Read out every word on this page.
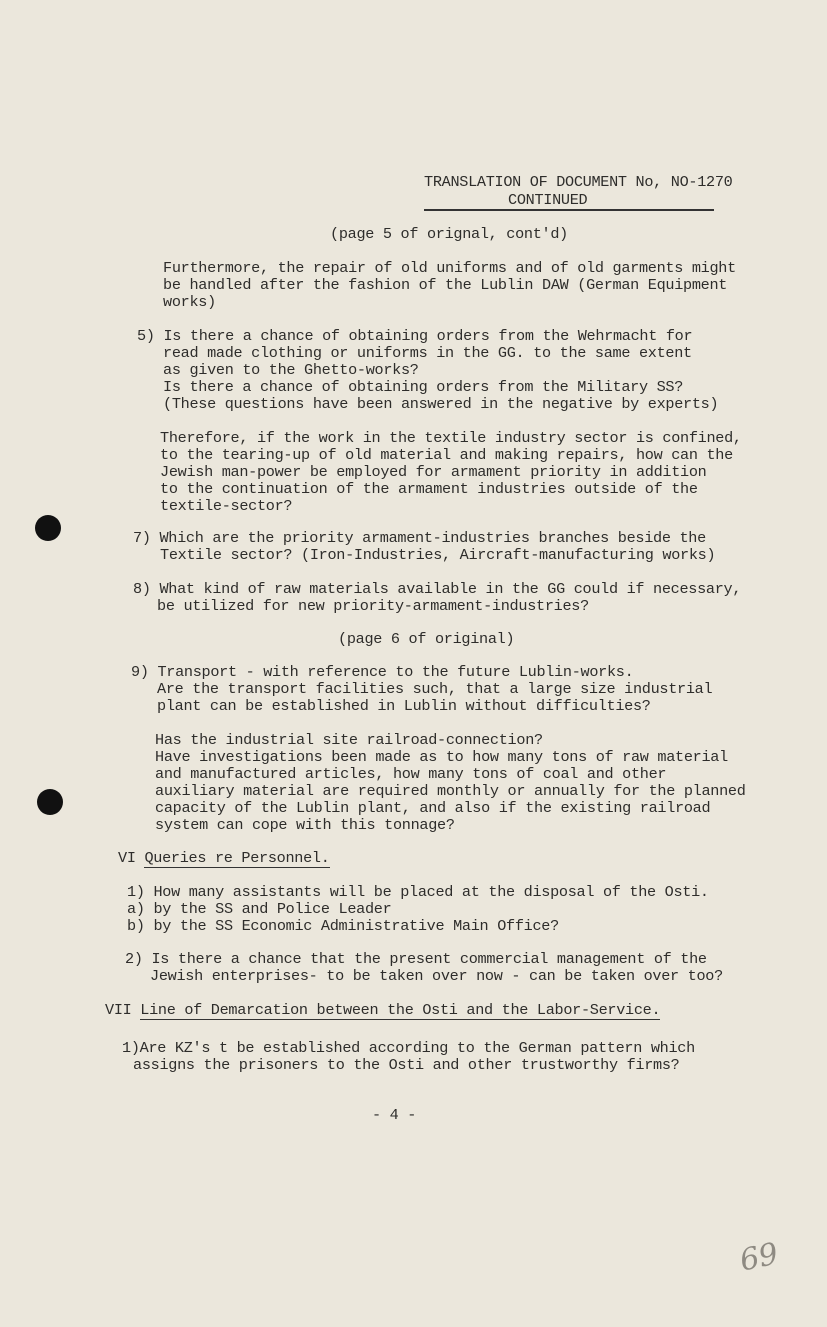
TRANSLATION OF DOCUMENT No, NO-1270
CONTINUED
(page 5 of orignal, cont'd)
Furthermore, the repair of old uniforms and of old garments might
be handled after the fashion of the Lublin DAW (German Equipment
works)
5) Is there a chance of obtaining orders from the Wehrmacht for
read made clothing or uniforms in the GG. to the same extent
as given to the Ghetto-works?
Is there a chance of obtaining orders from the Military SS?
(These questions have been answered in the negative by experts)
Therefore, if the work in the textile industry sector is confined,
to the tearing-up of old material and making repairs, how can the
Jewish man-power be employed for armament priority in addition
to the continuation of the armament industries outside of the
textile-sector?
7) Which are the priority armament-industries branches beside the
Textile sector? (Iron-Industries, Aircraft-manufacturing works)
8) What kind of raw materials available in the GG could if necessary,
be utilized for new priority-armament-industries?
(page 6 of original)
9) Transport - with reference to the future Lublin-works.
Are the transport facilities such, that a large size industrial
plant can be established in Lublin without difficulties?
Has the industrial site railroad-connection?
Have investigations been made as to how many tons of raw material
and manufactured articles, how many tons of coal and other
auxiliary material are required monthly or annually for the planned
capacity of the Lublin plant, and also if the existing railroad
system can cope with this tonnage?
VI Queries re Personnel.
1) How many assistants will be placed at the disposal of the Osti.
a) by the SS and Police Leader
b) by the SS Economic Administrative Main Office?
2) Is there a chance that the present commercial management of the
Jewish enterprises- to be taken over now - can be taken over too?
VII Line of Demarcation between the Osti and the Labor-Service.
1)Are KZ's t be established according to the German pattern which
assigns the prisoners to the Osti and other trustworthy firms?
- 4 -
69
